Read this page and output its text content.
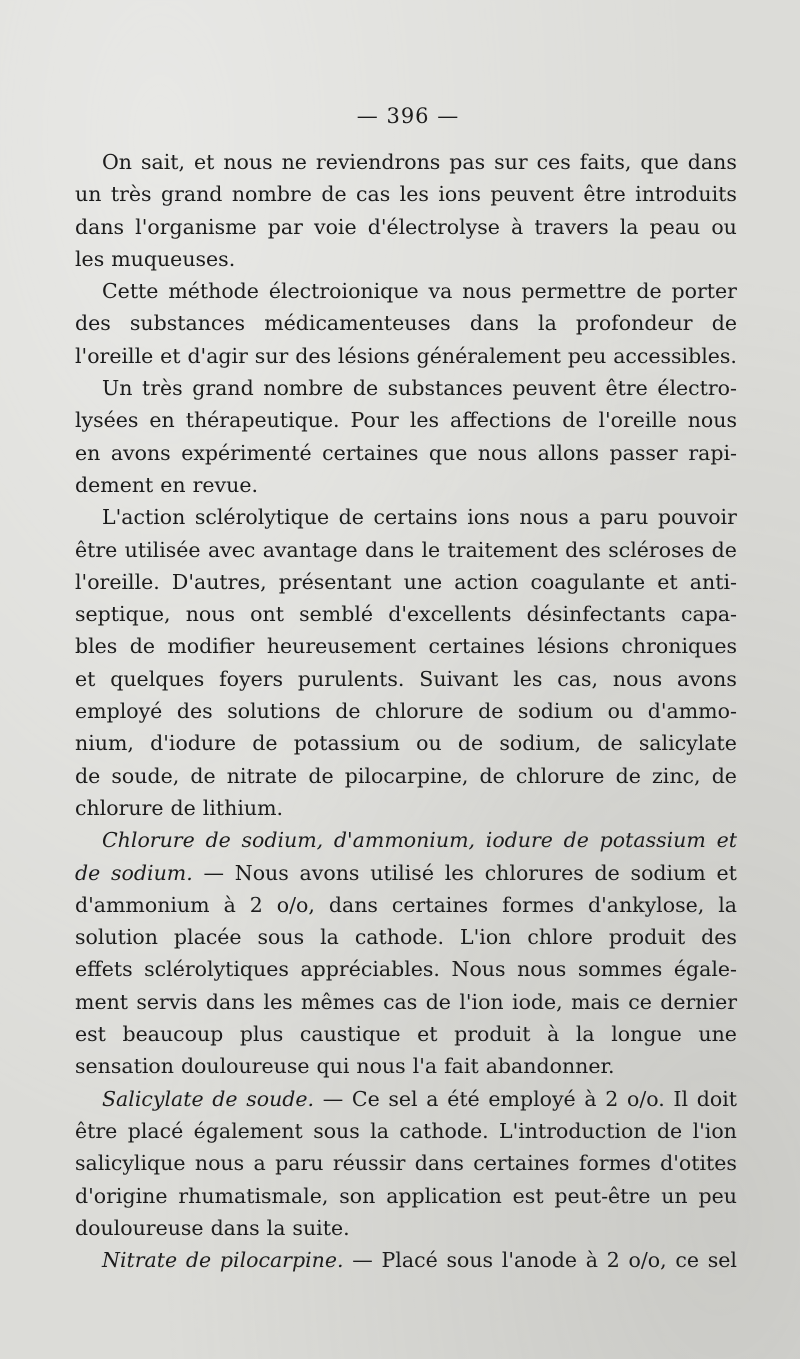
— 396 —
On sait, et nous ne reviendrons pas sur ces faits, que dans
un très grand nombre de cas les ions peuvent être introduits
dans l'organisme par voie d'électrolyse à travers la peau ou
les muqueuses.
Cette méthode électroionique va nous permettre de porter
des substances médicamenteuses dans la profondeur de
l'oreille et d'agir sur des lésions généralement peu accessibles.
Un très grand nombre de substances peuvent être électro-
lysées en thérapeutique. Pour les affections de l'oreille nous
en avons expérimenté certaines que nous allons passer rapi-
dement en revue.
L'action sclérolytique de certains ions nous a paru pouvoir
être utilisée avec avantage dans le traitement des scléroses de
l'oreille. D'autres, présentant une action coagulante et anti-
septique, nous ont semblé d'excellents désinfectants capa-
bles de modifier heureusement certaines lésions chroniques
et quelques foyers purulents. Suivant les cas, nous avons
employé des solutions de chlorure de sodium ou d'ammo-
nium, d'iodure de potassium ou de sodium, de salicylate
de soude, de nitrate de pilocarpine, de chlorure de zinc, de
chlorure de lithium.
Chlorure de sodium, d'ammonium, iodure de potassium et
de sodium. — Nous avons utilisé les chlorures de sodium et
d'ammonium à 2 o/o, dans certaines formes d'ankylose, la
solution placée sous la cathode. L'ion chlore produit des
effets sclérolytiques appréciables. Nous nous sommes égale-
ment servis dans les mêmes cas de l'ion iode, mais ce dernier
est beaucoup plus caustique et produit à la longue une
sensation douloureuse qui nous l'a fait abandonner.
Salicylate de soude. — Ce sel a été employé à 2 o/o. Il doit
être placé également sous la cathode. L'introduction de l'ion
salicylique nous a paru réussir dans certaines formes d'otites
d'origine rhumatismale, son application est peut-être un peu
douloureuse dans la suite.
Nitrate de pilocarpine. — Placé sous l'anode à 2 o/o, ce sel
